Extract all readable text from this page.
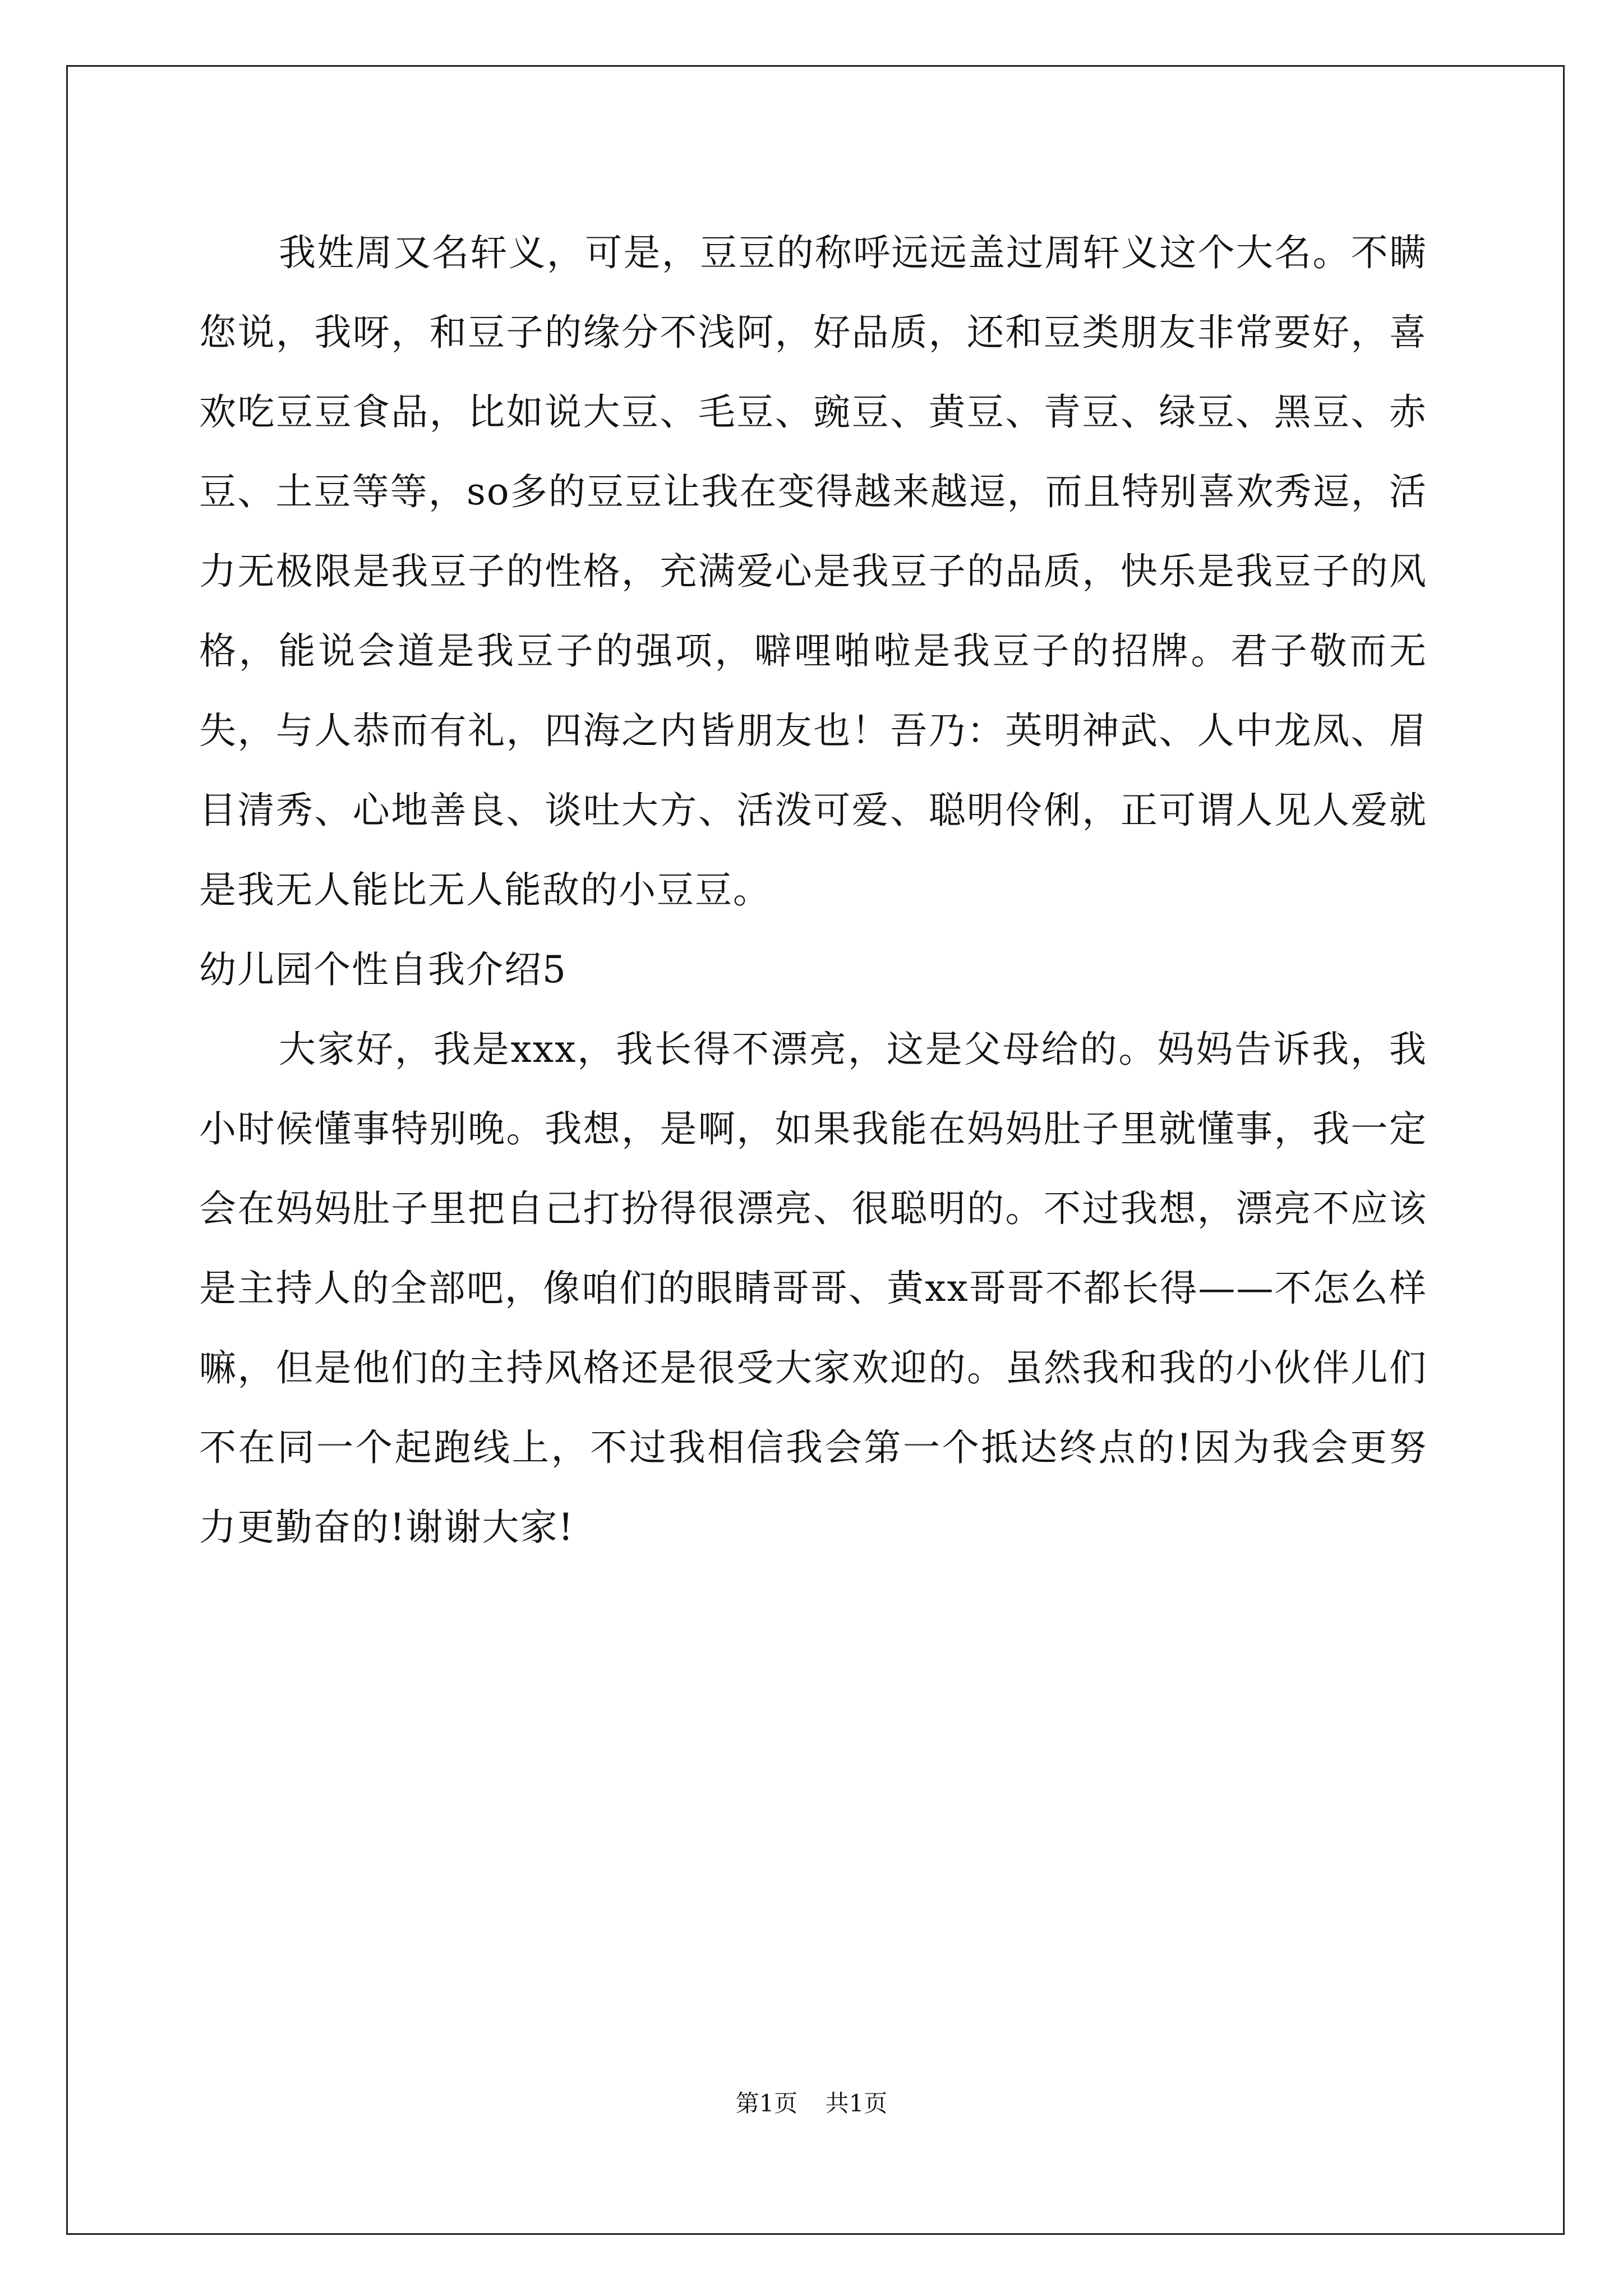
我姓周又名轩义，可是，豆豆的称呼远远盖过周轩义这个大名。不瞒您说，我呀，和豆子的缘分不浅阿，好品质，还和豆类朋友非常要好，喜欢吃豆豆食品，比如说大豆、毛豆、豌豆、黄豆、青豆、绿豆、黑豆、赤豆、土豆等等，so多的豆豆让我在变得越来越逗，而且特别喜欢秀逗，活力无极限是我豆子的性格，充满爱心是我豆子的品质，快乐是我豆子的风格，能说会道是我豆子的强项，噼哩啪啦是我豆子的招牌。君子敬而无失，与人恭而有礼，四海之内皆朋友也！吾乃：英明神武、人中龙凤、眉目清秀、心地善良、谈吐大方、活泼可爱、聪明伶俐，正可谓人见人爱就是我无人能比无人能敌的小豆豆。

幼儿园个性自我介绍5

大家好，我是xxx，我长得不漂亮，这是父母给的。妈妈告诉我，我小时候懂事特别晚。我想，是啊，如果我能在妈妈肚子里就懂事，我一定会在妈妈肚子里把自己打扮得很漂亮、很聪明的。不过我想，漂亮不应该是主持人的全部吧，像咱们的眼睛哥哥、黄xx哥哥不都长得——不怎么样嘛，但是他们的主持风格还是很受大家欢迎的。虽然我和我的小伙伴儿们不在同一个起跑线上，不过我相信我会第一个抵达终点的!因为我会更努力更勤奋的!谢谢大家!

第1页 共1页
